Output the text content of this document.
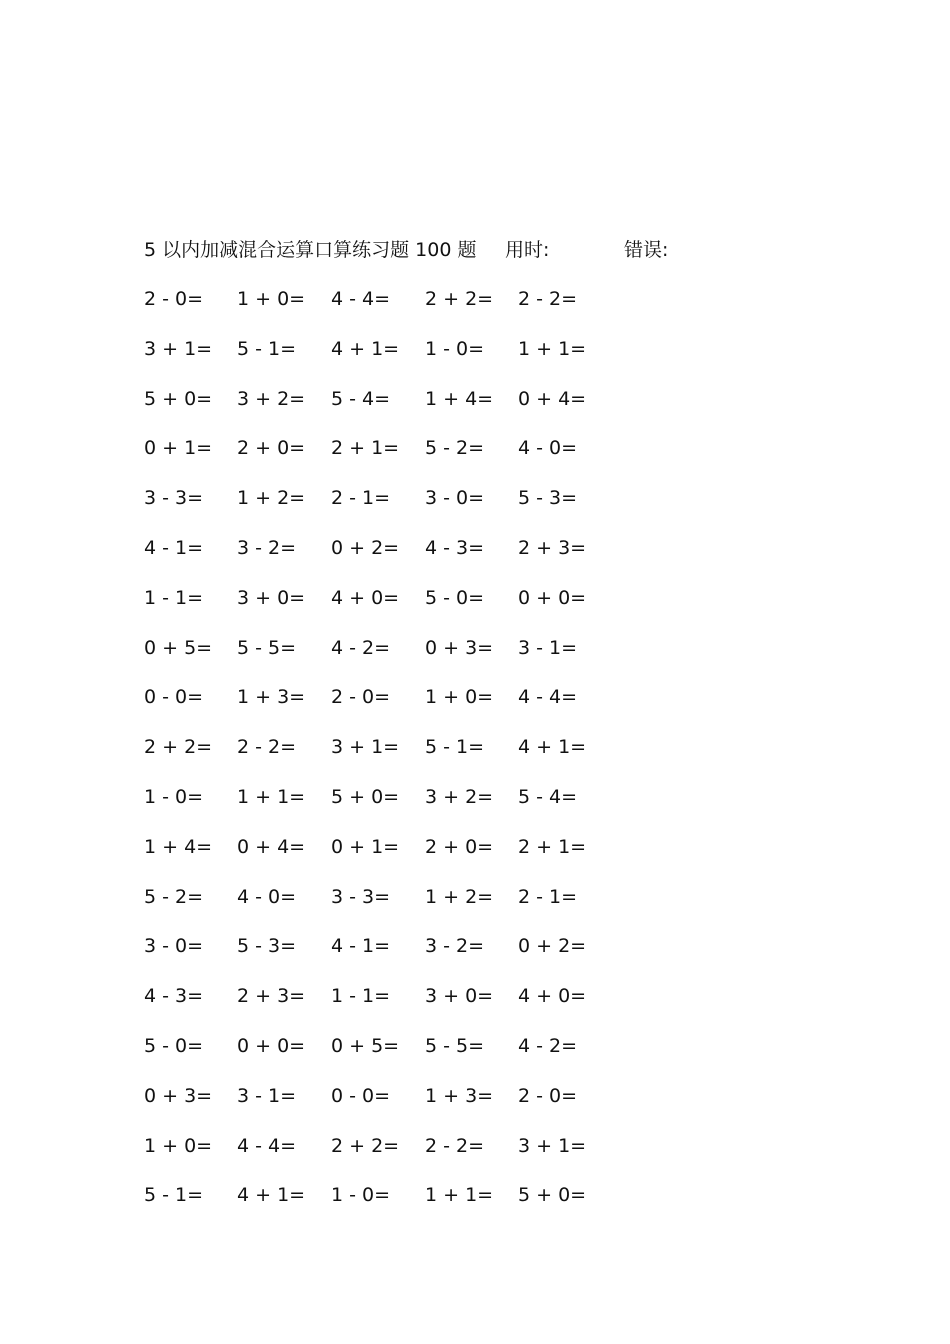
5 以内加减混合运算口算练习题 100 题 用时:	错误:
2 - 0= 1 + 0= 4 - 4= 2 + 2= 2 - 2=
3 + 1= 5 - 1= 4 + 1= 1 - 0= 1 + 1=
5 + 0= 3 + 2= 5 - 4= 1 + 4= 0 + 4=
0 + 1= 2 + 0= 2 + 1= 5 - 2= 4 - 0=
3 - 3= 1 + 2= 2 - 1= 3 - 0= 5 - 3=
4 - 1= 3 - 2= 0 + 2= 4 - 3= 2 + 3=
1 - 1= 3 + 0= 4 + 0= 5 - 0= 0 + 0=
0 + 5= 5 - 5= 4 - 2= 0 + 3= 3 - 1=
0 - 0= 1 + 3= 2 - 0= 1 + 0= 4 - 4=
2 + 2= 2 - 2= 3 + 1= 5 - 1= 4 + 1=
1 - 0= 1 + 1= 5 + 0= 3 + 2= 5 - 4=
1 + 4= 0 + 4= 0 + 1= 2 + 0= 2 + 1=
5 - 2= 4 - 0= 3 - 3= 1 + 2= 2 - 1=
3 - 0= 5 - 3= 4 - 1= 3 - 2= 0 + 2=
4 - 3= 2 + 3= 1 - 1= 3 + 0= 4 + 0=
5 - 0= 0 + 0= 0 + 5= 5 - 5= 4 - 2=
0 + 3= 3 - 1= 0 - 0= 1 + 3= 2 - 0=
1 + 0= 4 - 4= 2 + 2= 2 - 2= 3 + 1=
5 - 1= 4 + 1= 1 - 0= 1 + 1= 5 + 0=
